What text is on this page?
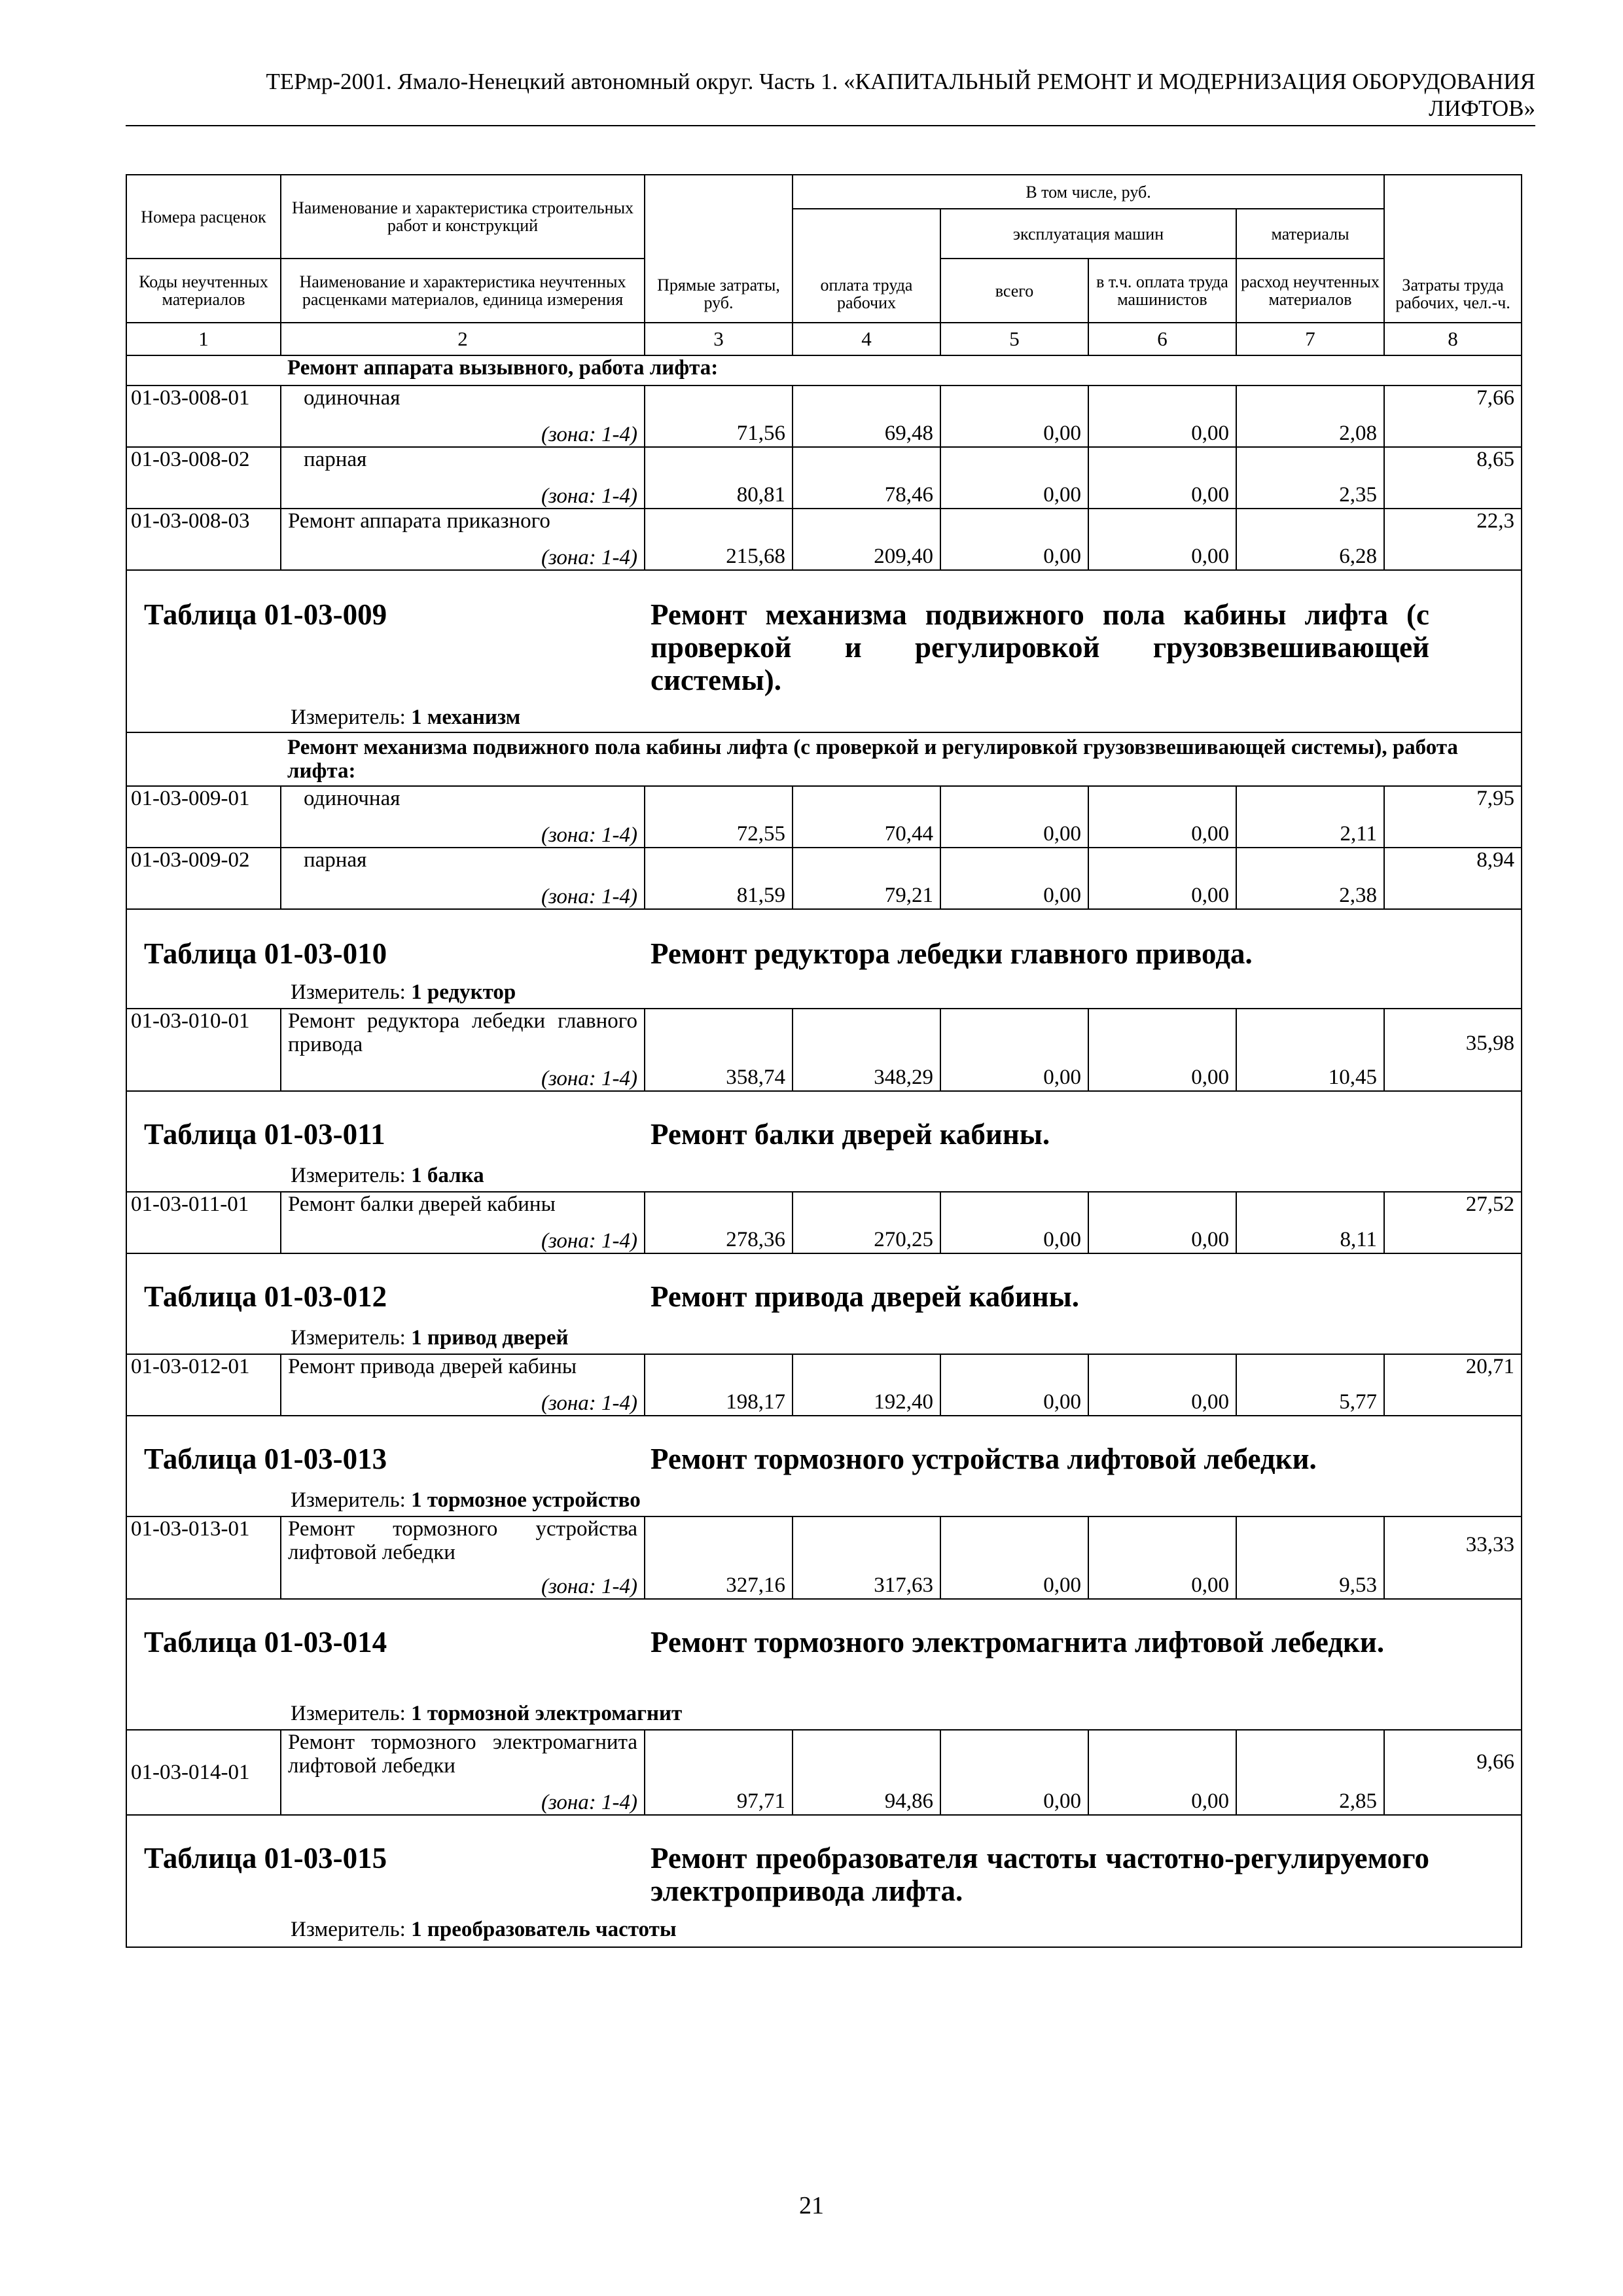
ТЕРмр-2001. Ямало-Ненецкий автономный округ. Часть 1. «КАПИТАЛЬНЫЙ РЕМОНТ И МОДЕРНИЗАЦИЯ ОБОРУДОВАНИЯ
ЛИФТОВ»
Номера расценок	Наименование и характеристика строительных работ и конструкций	Прямые затраты, руб.	В том числе, руб.				Затраты труда рабочих, чел.-ч.
			оплата труда рабочих	эксплуатация машин		материалы	
Коды неучтенных материалов	Наименование и характеристика неучтенных расценками материалов, единица измерения			всего	в т.ч. оплата труда машинистов	расход неучтенных материалов	
1	2	3	4	5	6	7	8
	Ремонт аппарата вызывного, работа лифта:						
01-03-008-01	одиночная	71,56	69,48	0,00	0,00	2,08	7,66
	(зона: 1-4)						
01-03-008-02	парная	80,81	78,46	0,00	0,00	2,35	8,65
	(зона: 1-4)						
01-03-008-03	Ремонт аппарата приказного	215,68	209,40	0,00	0,00	6,28	22,3
	(зона: 1-4)						

Таблица 01-03-009 Ремонт механизма подвижного пола кабины лифта (с проверкой и регулировкой грузовзвешивающей системы).
Измеритель: 1 механизм							

	Ремонт механизма подвижного пола кабины лифта (с проверкой и регулировкой грузовзвешивающей системы), работа лифта:						
01-03-009-01	одиночная	72,55	70,44	0,00	0,00	2,11	7,95
	(зона: 1-4)						
01-03-009-02	парная	81,59	79,21	0,00	0,00	2,38	8,94
	(зона: 1-4)						

Таблица 01-03-010 Ремонт редуктора лебедки главного привода.
Измеритель: 1 редуктор							

01-03-010-01	Ремонт редуктора лебедки главного привода	358,74	348,29	0,00	0,00	10,45	35,98
	(зона: 1-4)						

Таблица 01-03-011 Ремонт балки дверей кабины.
Измеритель: 1 балка							

01-03-011-01	Ремонт балки дверей кабины	278,36	270,25	0,00	0,00	8,11	27,52
	(зона: 1-4)						

Таблица 01-03-012 Ремонт привода дверей кабины.
Измеритель: 1 привод дверей							

01-03-012-01	Ремонт привода дверей кабины	198,17	192,40	0,00	0,00	5,77	20,71
	(зона: 1-4)						

Таблица 01-03-013 Ремонт тормозного устройства лифтовой лебедки.
Измеритель: 1 тормозное устройство							

01-03-013-01	Ремонт тормозного устройства лифтовой лебедки	327,16	317,63	0,00	0,00	9,53	33,33
	(зона: 1-4)						

Таблица 01-03-014 Ремонт тормозного электромагнита лифтовой лебедки.
Измеритель: 1 тормозной электромагнит							

01-03-014-01	Ремонт тормозного электромагнита лифтовой лебедки	97,71	94,86	0,00	0,00	2,85	9,66
	(зона: 1-4)						

Таблица 01-03-015 Ремонт преобразователя частоты частотно-регулируемого электропривода лифта.
Измеритель: 1 преобразователь частоты							
21
